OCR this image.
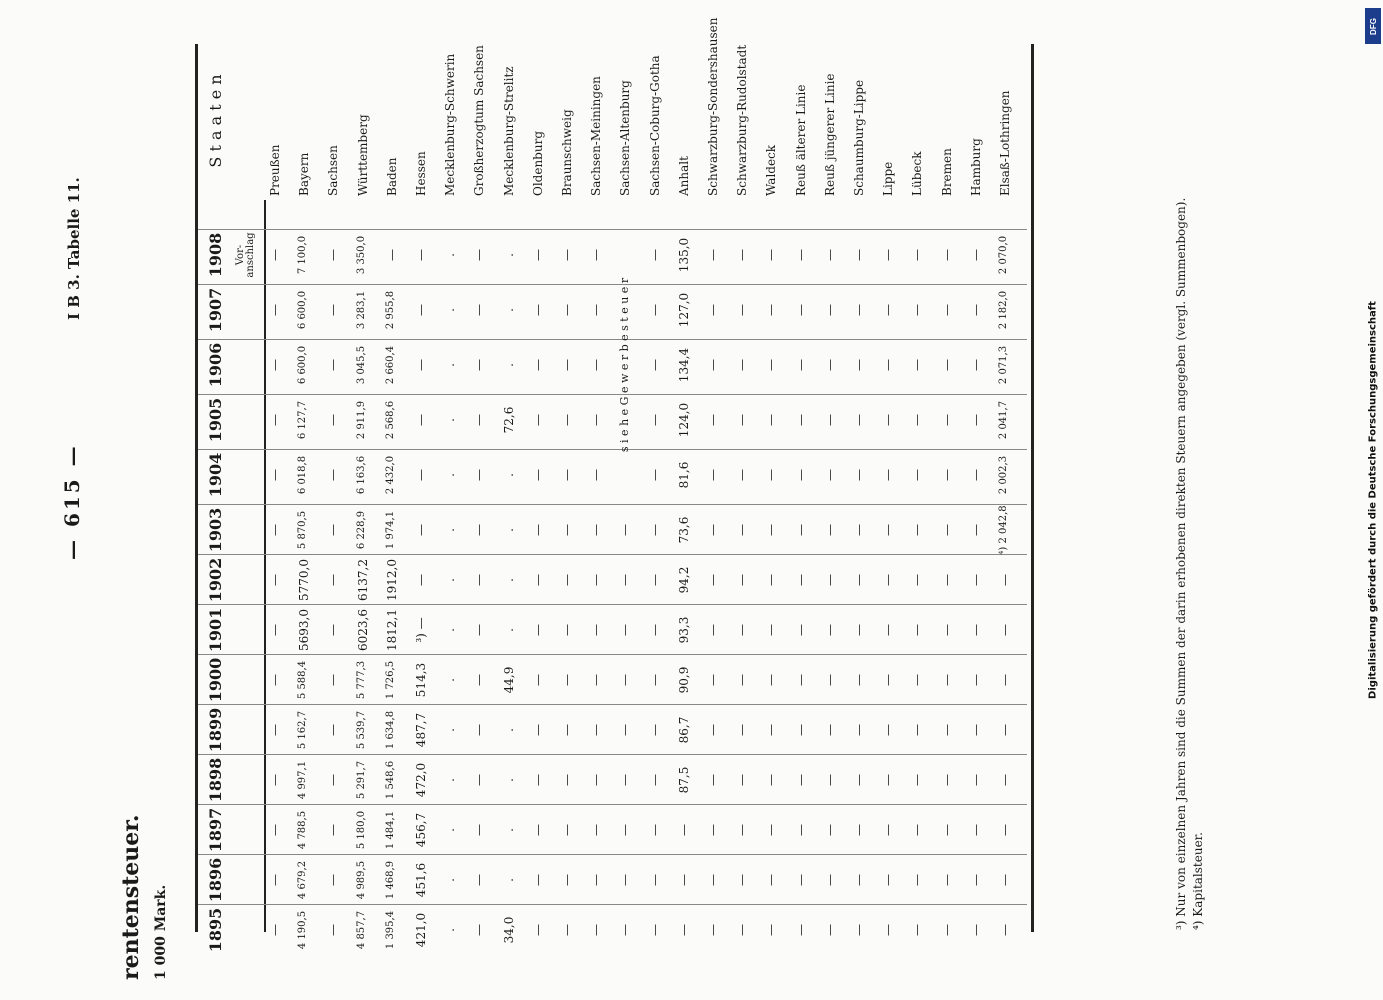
Digitalisierung gefördert durch die Deutsche Forschungsgemeinschaft
DFG
— 615 —
I B 3. Tabelle 11.
rentensteuer. 1 000 Mark. 1895
1896
1897
1898
1899
1900
1901
1902
1903
1904
1905
1906
1907
1908
S t a a t e n
Vor-anschlag
Preußen
—
—
—
—
—
—
—
—
—
—
—
—
—
—
Bayern
4 190,5
4 679,2
4 788,5
4 997,1
5 162,7
5 588,4
5693,0
5770,0
5 870,5
6 018,8
6 127,7
6 600,0
6 600,0
7 100,0
Sachsen
—
—
—
—
—
—
—
—
—
—
—
—
—
—
Württemberg
4 857,7
4 989,5
5 180,0
5 291,7
5 539,7
5 777,3
6023,6
6137,2
6 228,9
6 163,6
2 911,9
3 045,5
3 283,1
3 350,0
Baden
1 395,4
1 468,9
1 484,1
1 548,6
1 634,8
1 726,5
1812,1
1912,0
1 974,1
2 432,0
2 568,6
2 660,4
2 955,8
—
Hessen
421,0
451,6
456,7
472,0
487,7
514,3
³) —
—
—
—
—
—
—
—
Mecklenburg-Schwerin
.
.
.
.
.
.
.
.
.
.
.
.
.
.
Großherzogtum Sachsen
—
—
—
—
—
—
—
—
—
—
—
—
—
—
Mecklenburg-Strelitz
34,0
.
.
.
.
44,9
.
.
.
.
72,6
.
.
.
Oldenburg
—
—
—
—
—
—
—
—
—
—
—
—
—
—
Braunschweig
—
—
—
—
—
—
—
—
—
—
—
—
—
—
Sachsen-Meiningen
—
—
—
—
—
—
—
—
—
—
—
—
—
—
Sachsen-Altenburg
—
—
—
—
—
—
—
—
—
Sachsen-Coburg-Gotha
—
—
—
—
—
—
—
—
—
—
—
—
—
—
Anhalt
—
—
—
87,5
86,7
90,9
93,3
94,2
73,6
81,6
124,0
134,4
127,0
135,0
Schwarzburg-Sondershausen
—
—
—
—
—
—
—
—
—
—
—
—
—
—
Schwarzburg-Rudolstadt
—
—
—
—
—
—
—
—
—
—
—
—
—
—
Waldeck
—
—
—
—
—
—
—
—
—
—
—
—
—
—
Reuß älterer Linie
—
—
—
—
—
—
—
—
—
—
—
—
—
—
Reuß jüngerer Linie
—
—
—
—
—
—
—
—
—
—
—
—
—
—
Schaumburg-Lippe
—
—
—
—
—
—
—
—
—
—
—
—
—
—
Lippe
—
—
—
—
—
—
—
—
—
—
—
—
—
—
Lübeck
—
—
—
—
—
—
—
—
—
—
—
—
—
—
Bremen
—
—
—
—
—
—
—
—
—
—
—
—
—
—
Hamburg
—
—
—
—
—
—
—
—
—
—
—
—
—
—
Elsaß-Lothringen
—
—
—
—
—
—
—
—
⁴) 2 042,8
2 002,3
2 041,7
2 071,3
2 182,0
2 070,0
s i e h e G e w e r b e s t e u e r	³) Nur von einzelnen Jahren sind die Summen der darin erhobenen direkten Steuern angegeben (vergl. Summenbogen). ⁴) Kapitalsteuer.
